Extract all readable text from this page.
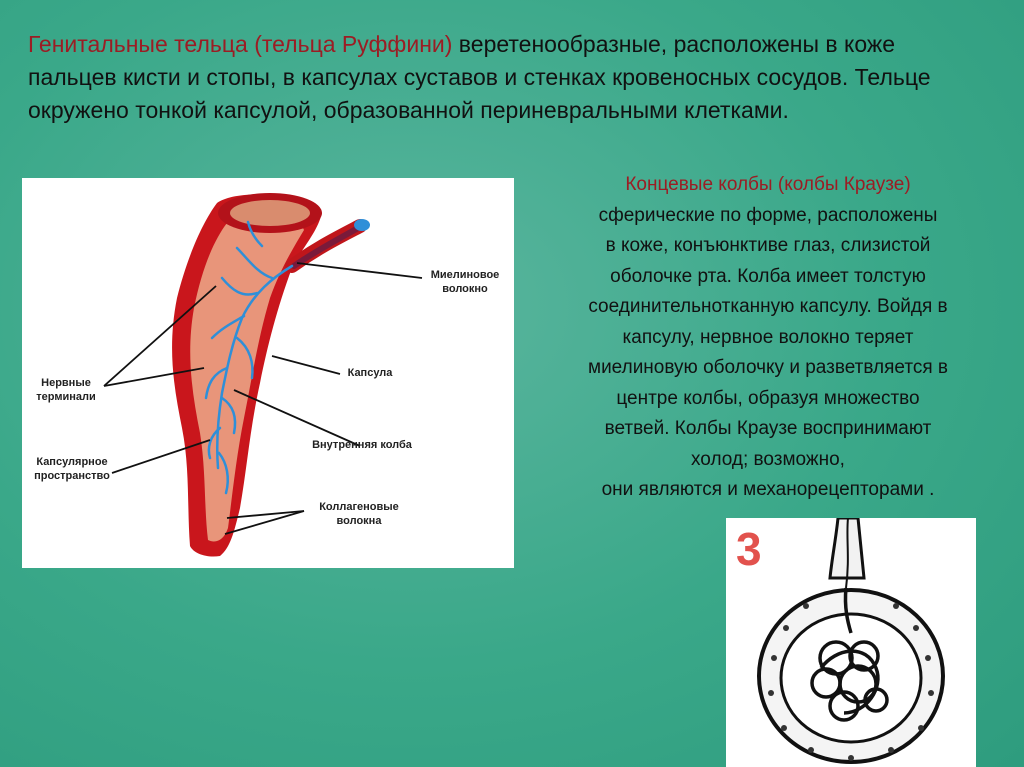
Генитальные тельца (тельца Руффини) веретенообразные, расположены в коже пальцев кисти и стопы, в капсулах суставов и стенках кровеносных сосудов. Тельце окружено тонкой капсулой, образованной периневральными клетками.
Миелиновое волокно
Капсула
Нервные терминали
Внутренняя колба
Капсулярное пространство
Коллагеновые волокна
Концевые колбы (колбы Краузе)
сферические по форме, расположены
в коже, конъюнктиве глаз, слизистой
оболочке рта. Колба имеет толстую
соединительнотканную капсулу. Войдя в
капсулу, нервное волокно теряет
миелиновую оболочку и разветвляется в
центре колбы, образуя множество
ветвей. Колбы Краузе воспринимают
холод; возможно,
они являются и механорецепторами .
3
